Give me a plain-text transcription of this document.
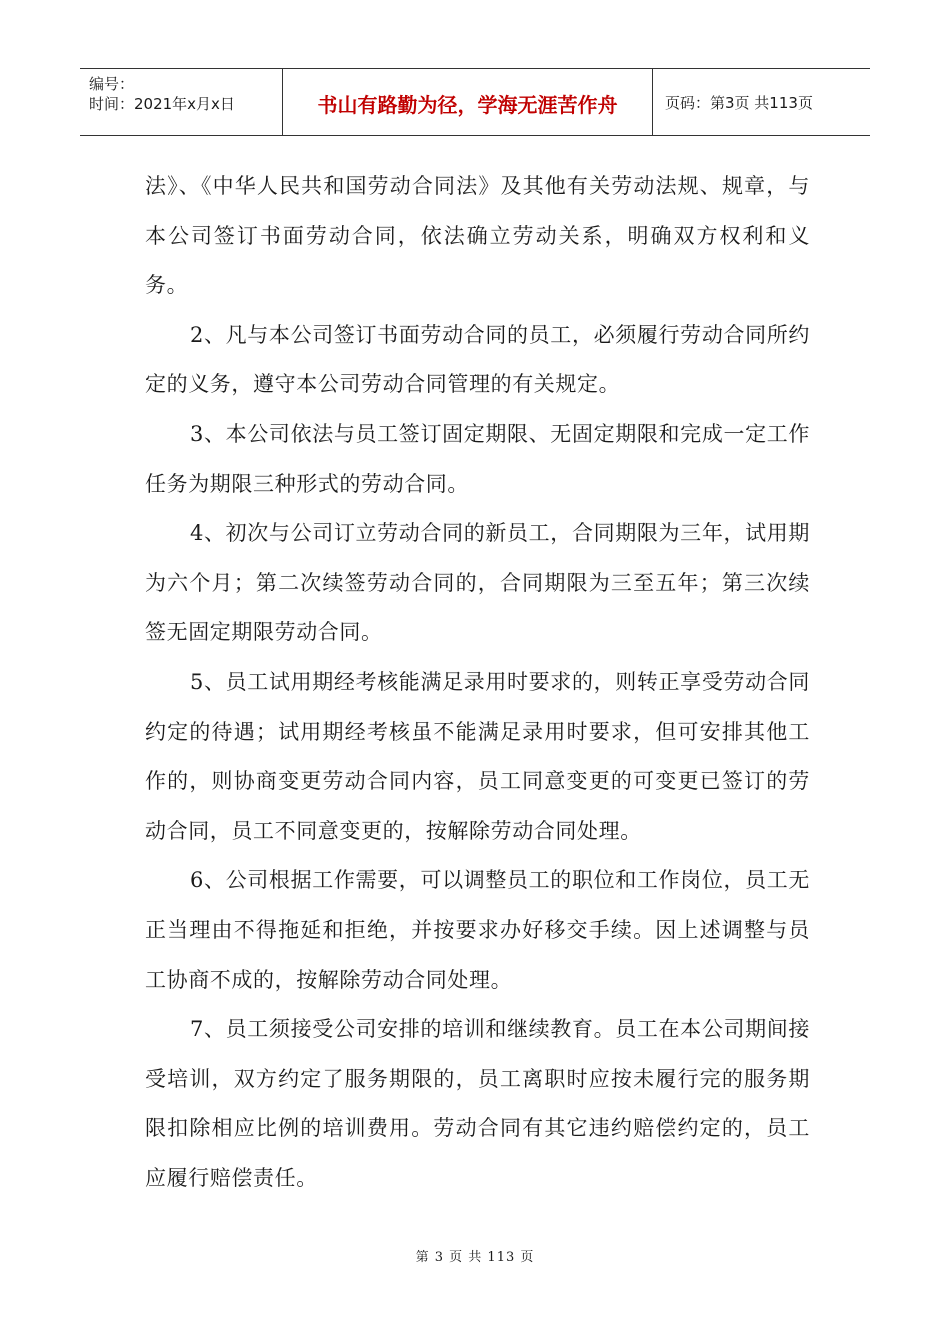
编号：
时间：2021年x月x日	书山有路勤为径，学海无涯苦作舟	页码：第3页 共113页

法》、《中华人民共和国劳动合同法》及其他有关劳动法规、规章，与本公司签订书面劳动合同，依法确立劳动关系，明确双方权利和义务。

2、凡与本公司签订书面劳动合同的员工，必须履行劳动合同所约定的义务，遵守本公司劳动合同管理的有关规定。

3、本公司依法与员工签订固定期限、无固定期限和完成一定工作任务为期限三种形式的劳动合同。

4、初次与公司订立劳动合同的新员工，合同期限为三年，试用期为六个月；第二次续签劳动合同的，合同期限为三至五年；第三次续签无固定期限劳动合同。

5、员工试用期经考核能满足录用时要求的，则转正享受劳动合同约定的待遇；试用期经考核虽不能满足录用时要求，但可安排其他工作的，则协商变更劳动合同内容，员工同意变更的可变更已签订的劳动合同，员工不同意变更的，按解除劳动合同处理。

6、公司根据工作需要，可以调整员工的职位和工作岗位，员工无正当理由不得拖延和拒绝，并按要求办好移交手续。因上述调整与员工协商不成的，按解除劳动合同处理。

7、员工须接受公司安排的培训和继续教育。员工在本公司期间接受培训，双方约定了服务期限的，员工离职时应按未履行完的服务期限扣除相应比例的培训费用。劳动合同有其它违约赔偿约定的，员工应履行赔偿责任。

第 3 页 共 113 页
